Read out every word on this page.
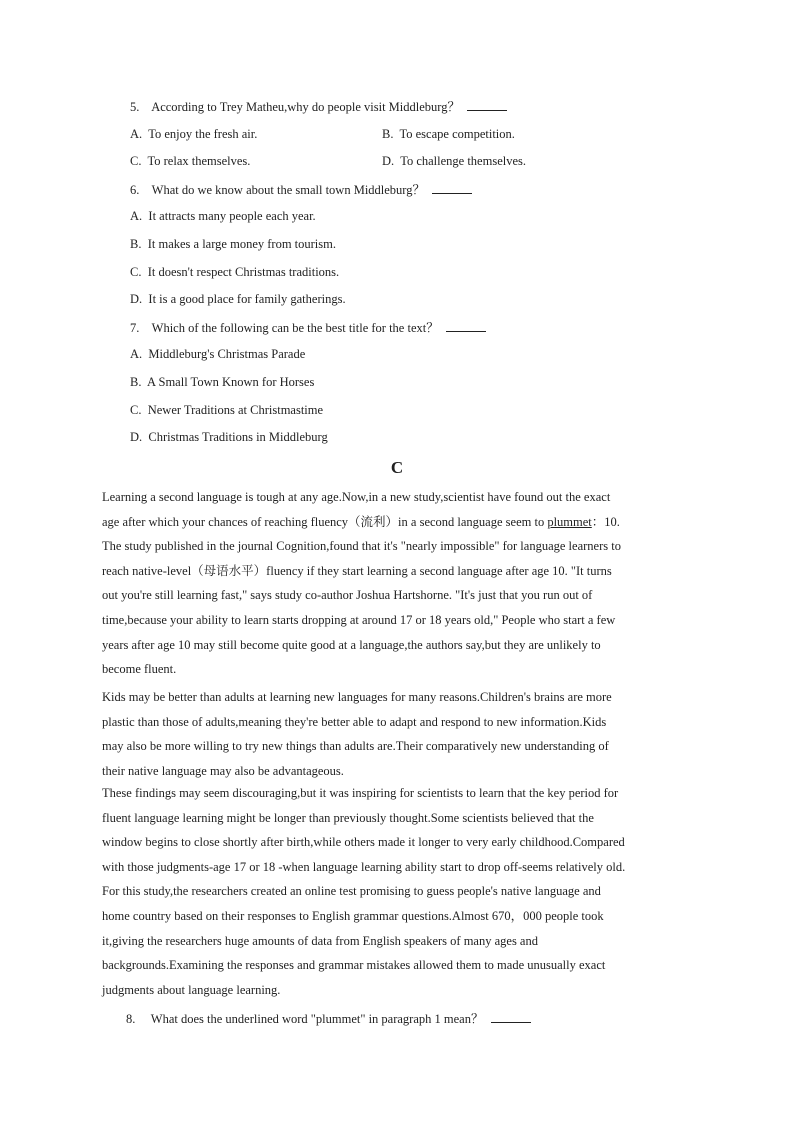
5. According to Trey Matheu,why do people visit Middleburg？
A. To enjoy the fresh air.	B. To escape competition.
C. To relax themselves.	D. To challenge themselves.
6. What do we know about the small town Middleburg？
A. It attracts many people each year.
B. It makes a large money from tourism.
C. It doesn't respect Christmas traditions.
D. It is a good place for family gatherings.
7. Which of the following can be the best title for the text？
A. Middleburg's Christmas Parade
B. A Small Town Known for Horses
C. Newer Traditions at Christmastime
D. Christmas Traditions in Middleburg
C
Learning a second language is tough at any age.Now,in a new study,scientist have found out the exact
age after which your chances of reaching fluency（流利）in a second language seem to plummet：10.
The study published in the journal Cognition,found that it's "nearly impossible" for language learners to
reach native-level（母语水平）fluency if they start learning a second language after age 10. "It turns
out you're still learning fast," says study co-author Joshua Hartshorne. "It's just that you run out of
time,because your ability to learn starts dropping at around 17 or 18 years old," People who start a few
years after age 10 may still become quite good at a language,the authors say,but they are unlikely to
become fluent.
Kids may be better than adults at learning new languages for many reasons.Children's brains are more
plastic than those of adults,meaning they're better able to adapt and respond to new information.Kids
may also be more willing to try new things than adults are.Their comparatively new understanding of
their native language may also be advantageous.
These findings may seem discouraging,but it was inspiring for scientists to learn that the key period for
fluent language learning might be longer than previously thought.Some scientists believed that the
window begins to close shortly after birth,while others made it longer to very early childhood.Compared
with those judgments-age 17 or 18 -when language learning ability start to drop off-seems relatively old.
For this study,the researchers created an online test promising to guess people's native language and
home country based on their responses to English grammar questions.Almost 670，000 people took
it,giving the researchers huge amounts of data from English speakers of many ages and
backgrounds.Examining the responses and grammar mistakes allowed them to made unusually exact
judgments about language learning.
8. What does the underlined word "plummet" in paragraph 1 mean？
